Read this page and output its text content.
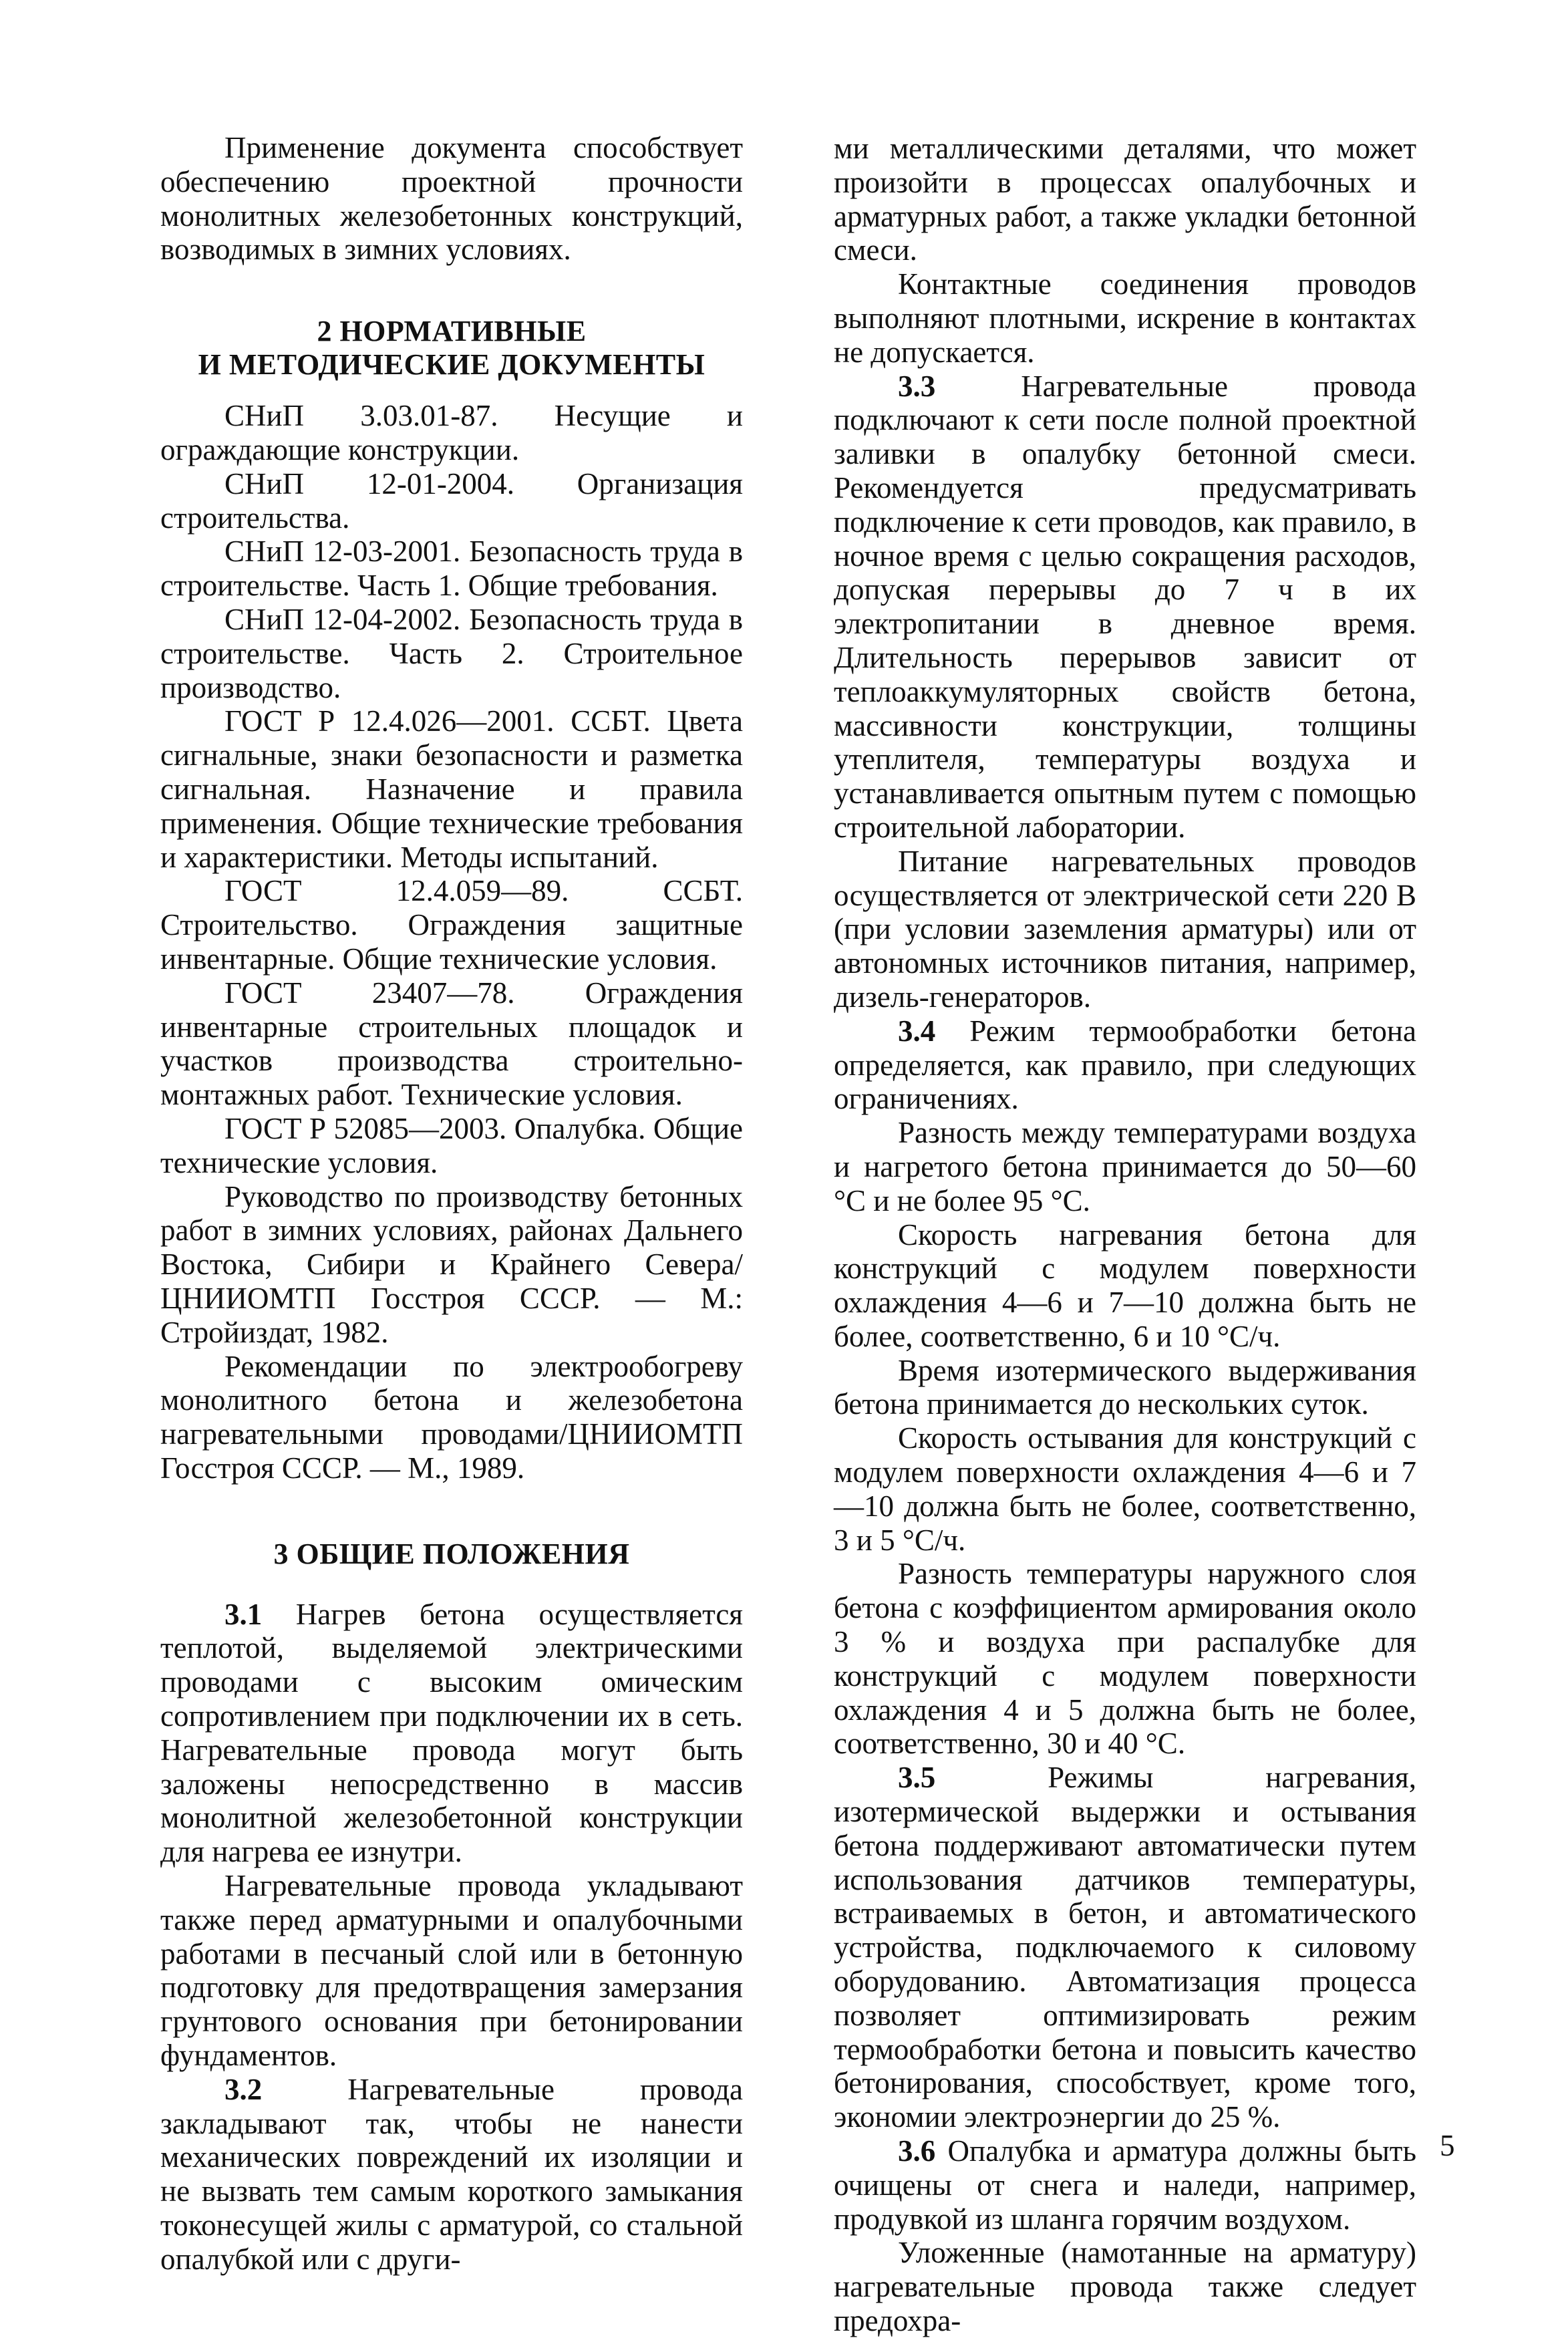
Применение документа способствует обеспечению проектной прочности монолитных железобетонных конструкций, возводимых в зимних условиях.

2 НОРМАТИВНЫЕ
И МЕТОДИЧЕСКИЕ ДОКУМЕНТЫ

СНиП 3.03.01-87. Несущие и ограждающие конструкции.

СНиП 12-01-2004. Организация строительства.

СНиП 12-03-2001. Безопасность труда в строительстве. Часть 1. Общие требования.

СНиП 12-04-2002. Безопасность труда в строительстве. Часть 2. Строительное производство.

ГОСТ Р 12.4.026—2001. ССБТ. Цвета сигнальные, знаки безопасности и разметка сигнальная. Назначение и правила применения. Общие технические требования и характеристики. Методы испытаний.

ГОСТ 12.4.059—89. ССБТ. Строительство. Ограждения защитные инвентарные. Общие технические условия.

ГОСТ 23407—78. Ограждения инвентарные строительных площадок и участков производства строительно-монтажных работ. Технические условия.

ГОСТ Р 52085—2003. Опалубка. Общие технические условия.

Руководство по производству бетонных работ в зимних условиях, районах Дальнего Востока, Сибири и Крайнего Севера/ЦНИИОМТП Госстроя СССР. — М.: Стройиздат, 1982.

Рекомендации по электрообогреву монолитного бетона и железобетона нагревательными проводами/ЦНИИОМТП Госстроя СССР. — М., 1989.

3 ОБЩИЕ ПОЛОЖЕНИЯ

3.1 Нагрев бетона осуществляется теплотой, выделяемой электрическими проводами с высоким омическим сопротивлением при подключении их в сеть. Нагревательные провода могут быть заложены непосредственно в массив монолитной железобетонной конструкции для нагрева ее изнутри.

Нагревательные провода укладывают также перед арматурными и опалубочными работами в песчаный слой или в бетонную подготовку для предотвращения замерзания грунтового основания при бетонировании фундаментов.

3.2 Нагревательные провода закладывают так, чтобы не нанести механических повреждений их изоляции и не вызвать тем самым короткого замыкания токонесущей жилы с арматурой, со стальной опалубкой или с други-

ми металлическими деталями, что может произойти в процессах опалубочных и арматурных работ, а также укладки бетонной смеси.

Контактные соединения проводов выполняют плотными, искрение в контактах не допускается.

3.3 Нагревательные провода подключают к сети после полной проектной заливки в опалубку бетонной смеси. Рекомендуется предусматривать подключение к сети проводов, как правило, в ночное время с целью сокращения расходов, допуская перерывы до 7 ч в их электропитании в дневное время. Длительность перерывов зависит от теплоаккумуляторных свойств бетона, массивности конструкции, толщины утеплителя, температуры воздуха и устанавливается опытным путем с помощью строительной лаборатории.

Питание нагревательных проводов осуществляется от электрической сети 220 В (при условии заземления арматуры) или от автономных источников питания, например, дизель-генераторов.

3.4 Режим термообработки бетона определяется, как правило, при следующих ограничениях.

Разность между температурами воздуха и нагретого бетона принимается до 50—60 °С и не более 95 °С.

Скорость нагревания бетона для конструкций с модулем поверхности охлаждения 4—6 и 7—10 должна быть не более, соответственно, 6 и 10 °С/ч.

Время изотермического выдерживания бетона принимается до нескольких суток.

Скорость остывания для конструкций с модулем поверхности охлаждения 4—6 и 7—10 должна быть не более, соответственно, 3 и 5 °С/ч.

Разность температуры наружного слоя бетона с коэффициентом армирования около 3 % и воздуха при распалубке для конструкций с модулем поверхности охлаждения 4 и 5 должна быть не более, соответственно, 30 и 40 °С.

3.5 Режимы нагревания, изотермической выдержки и остывания бетона поддерживают автоматически путем использования датчиков температуры, встраиваемых в бетон, и автоматического устройства, подключаемого к силовому оборудованию. Автоматизация процесса позволяет оптимизировать режим термообработки бетона и повысить качество бетонирования, способствует, кроме того, экономии электроэнергии до 25 %.

3.6 Опалубка и арматура должны быть очищены от снега и наледи, например, продувкой из шланга горячим воздухом.

Уложенные (намотанные на арматуру) нагревательные провода также следует предохра-

5
